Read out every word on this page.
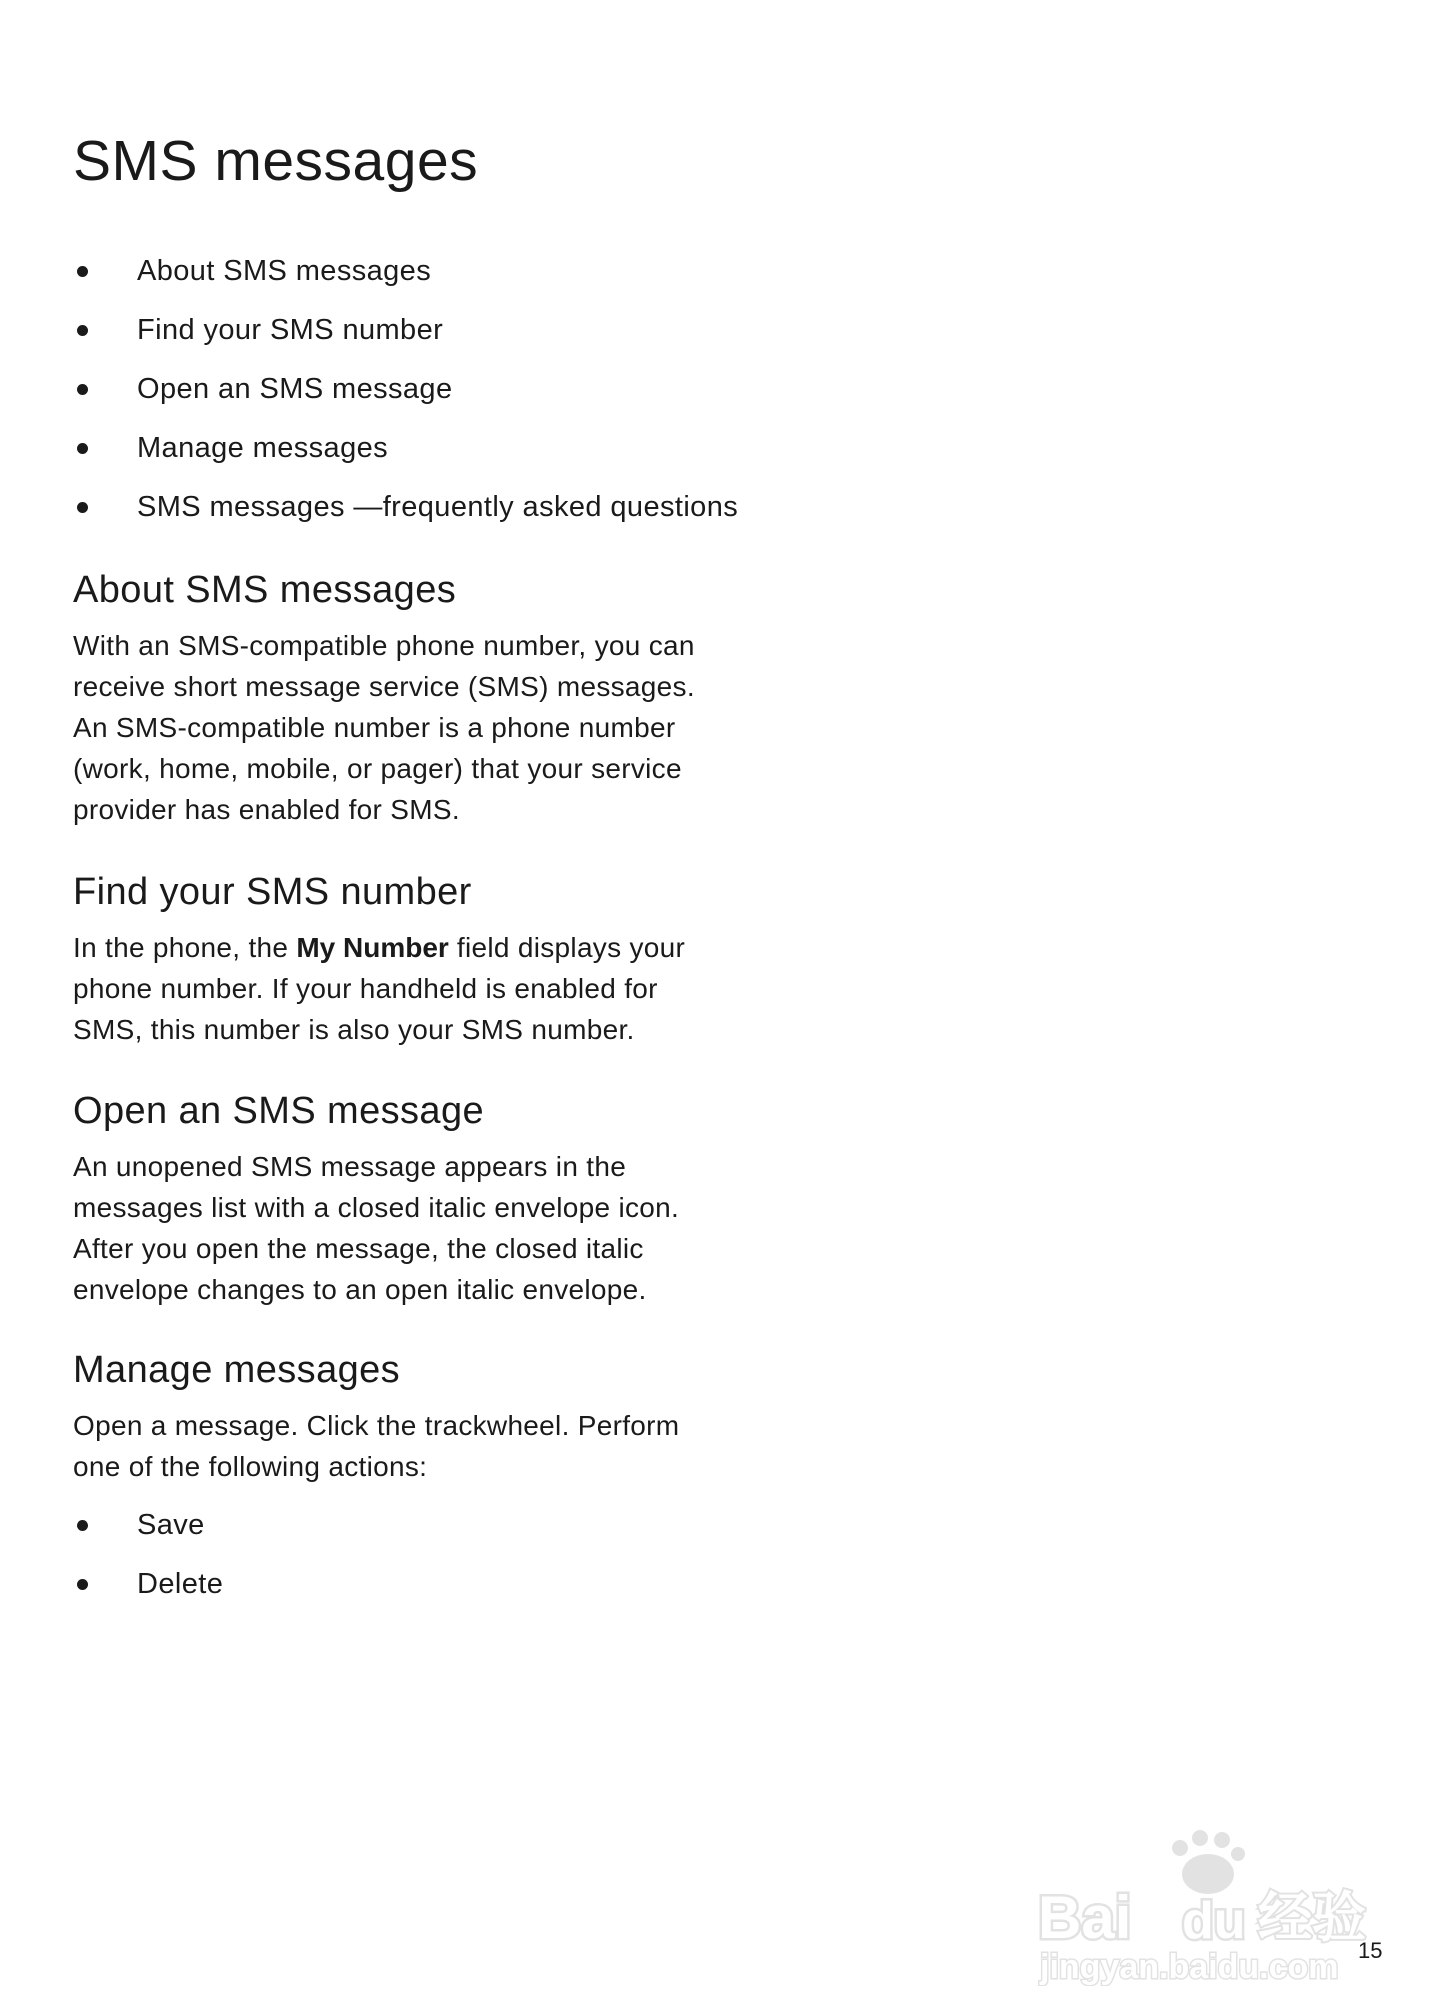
SMS messages
About SMS messages
Find your SMS number
Open an SMS message
Manage messages
SMS messages —frequently asked questions
About SMS messages

With an SMS-compatible phone number, you can receive short message service (SMS) messages. An SMS-compatible number is a phone number (work, home, mobile, or pager) that your service provider has enabled for SMS.

Find your SMS number

In the phone, the My Number field displays your phone number. If your handheld is enabled for SMS, this number is also your SMS number.

Open an SMS message

An unopened SMS message appears in the messages list with a closed italic envelope icon. After you open the message, the closed italic envelope changes to an open italic envelope.

Manage messages

Open a message. Click the trackwheel. Perform one of the following actions:

Save
Delete
Bai du 经验
jingyan.baidu.com 15
